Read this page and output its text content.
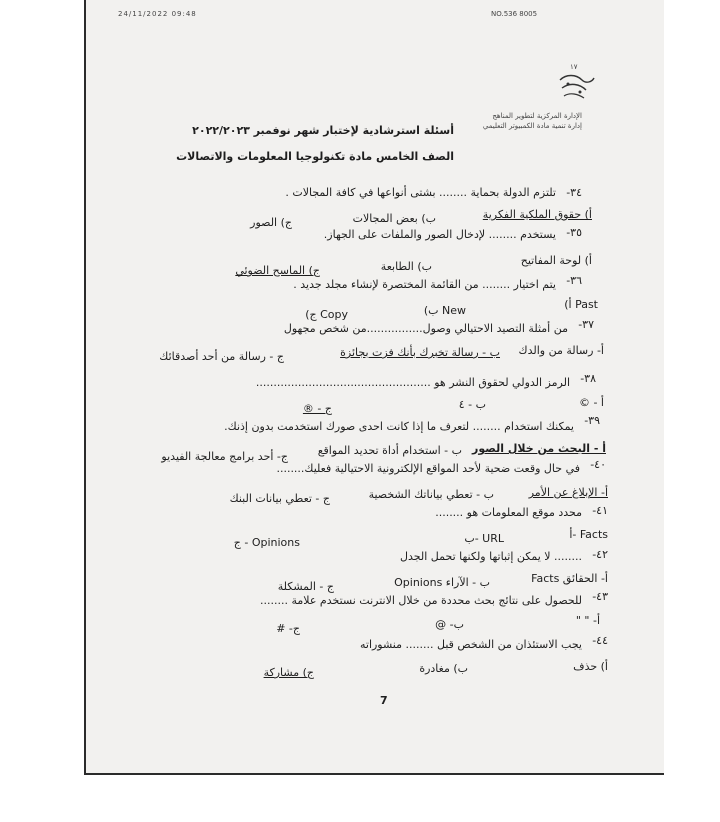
24/11/2022 09:48	NO.536 8005
١٧
الإدارة المركزية لتطوير المناهج
إدارة تنمية مادة الكمبيوتر التعليمي
أسئلة استرشادية لإختبار شهر نوفمبر ٢٠٢٢/٢٠٢٣
الصف الخامس مادة تكنولوجيا المعلومات والاتصالات
٣٤-
تلتزم الدولة بحماية ........ بشتى أنواعها في كافة المجالات .
أ) حقوق الملكية الفكرية
ب) بعض المجالات
ج) الصور
٣٥-
يستخدم ........ لإدخال الصور والملفات على الجهاز.
أ) لوحة المفاتيح
ب) الطابعة
ج) الماسح الضوئي
٣٦-
يتم اختيار ........ من القائمة المختصرة لإنشاء مجلد جديد .
Past أ)
New ب)
Copy ج)
٣٧-
من أمثلة التصيد الاحتيالي وصول................من شخص مجهول
أ- رسالة من والدك
ب - رسالة تخبرك بأنك فزت بجائزة
ج - رسالة من أحد أصدقائك
٣٨-
الرمز الدولي لحقوق النشر هو ..................................................
أ - ©
ب - ٤
ج - ®
٣٩-
يمكنك استخدام ........ لتعرف ما إذا كانت احدى صورك استخدمت بدون إذنك.
أ - البحث من خلال الصور
ب - استخدام أداة تحديد المواقع
ج- أحد برامج معالجة الفيديو
٤٠-
في حال وقعت ضحية لأحد المواقع الإلكترونية الاحتيالية فعليك........
أ- الإبلاغ عن الأمر
ب - تعطي بياناتك الشخصية
ج - تعطي بيانات البنك
٤١-
محدد موقع المعلومات هو ........
Facts -أ
URL -ب
Opinions - ج
٤٢-
........ لا يمكن إثباتها ولكنها تحمل الجدل
أ- الحقائق Facts
ب - الآراء Opinions
ج - المشكلة
٤٣-
للحصول على نتائج بحث محددة من خلال الانترنت نستخدم علامة ........
أ- " "
ب- @
ج- #
٤٤-
يجب الاستئذان من الشخص قبل ........ منشوراته
أ) حذف
ب) مغادرة
ج) مشاركة
7
